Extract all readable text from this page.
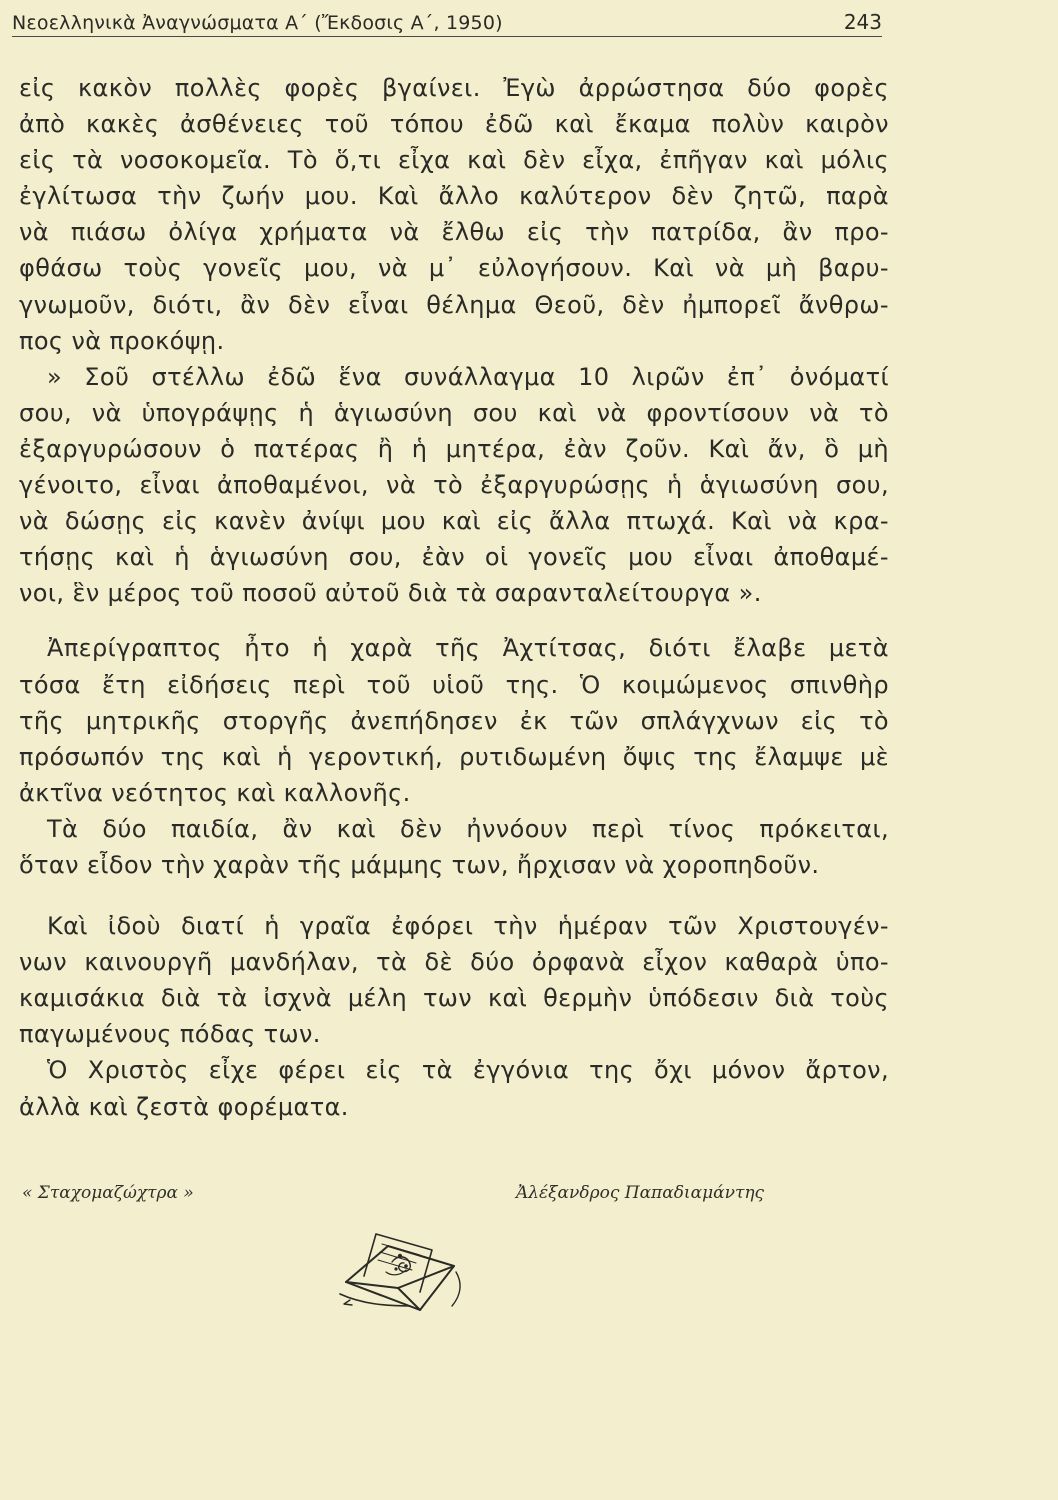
Νεοελληνικὰ Ἀναγνώσματα Α΄ (Ἔκδοσις Α΄, 1950)	243
εἰς κακὸν πολλὲς φορὲς βγαίνει. Ἐγὼ ἀρρώστησα δύο φορὲς
ἀπὸ κακὲς ἀσθένειες τοῦ τόπου ἐδῶ καὶ ἔκαμα πολὺν καιρὸν
εἰς τὰ νοσοκομεῖα. Τὸ ὅ,τι εἶχα καὶ δὲν εἶχα, ἐπῆγαν καὶ μόλις
ἐγλίτωσα τὴν ζωήν μου. Καὶ ἄλλο καλύτερον δὲν ζητῶ, παρὰ
νὰ πιάσω ὀλίγα χρήματα νὰ ἔλθω εἰς τὴν πατρίδα, ἂν προ-
φθάσω τοὺς γονεῖς μου, νὰ μ᾿ εὐλογήσουν. Καὶ νὰ μὴ βαρυ-
γνωμοῦν, διότι, ἂν δὲν εἶναι θέλημα Θεοῦ, δὲν ἠμπορεῖ ἄνθρω-
πος νὰ προκόψῃ.
» Σοῦ στέλλω ἐδῶ ἕνα συνάλλαγμα 10 λιρῶν ἐπ᾿ ὀνόματί
σου, νὰ ὑπογράψῃς ἡ ἁγιωσύνη σου καὶ νὰ φροντίσουν νὰ τὸ
ἐξαργυρώσουν ὁ πατέρας ἢ ἡ μητέρα, ἐὰν ζοῦν. Καὶ ἄν, ὃ μὴ
γένοιτο, εἶναι ἀποθαμένοι, νὰ τὸ ἐξαργυρώσῃς ἡ ἁγιωσύνη σου,
νὰ δώσῃς εἰς κανὲν ἀνίψι μου καὶ εἰς ἄλλα πτωχά. Καὶ νὰ κρα-
τήσῃς καὶ ἡ ἁγιωσύνη σου, ἐὰν οἱ γονεῖς μου εἶναι ἀποθαμέ-
νοι, ἓν μέρος τοῦ ποσοῦ αὐτοῦ διὰ τὰ σαρανταλείτουργα ».
Ἀπερίγραπτος ἦτο ἡ χαρὰ τῆς Ἀχτίτσας, διότι ἔλαβε μετὰ
τόσα ἔτη εἰδήσεις περὶ τοῦ υἱοῦ της. Ὁ κοιμώμενος σπινθὴρ
τῆς μητρικῆς στοργῆς ἀνεπήδησεν ἐκ τῶν σπλάγχνων εἰς τὸ
πρόσωπόν της καὶ ἡ γεροντική, ρυτιδωμένη ὄψις της ἔλαμψε μὲ
ἀκτῖνα νεότητος καὶ καλλονῆς.
Τὰ δύο παιδία, ἂν καὶ δὲν ἠννόουν περὶ τίνος πρόκειται,
ὅταν εἶδον τὴν χαρὰν τῆς μάμμης των, ἤρχισαν νὰ χοροπηδοῦν.
Καὶ ἰδοὺ διατί ἡ γραῖα ἐφόρει τὴν ἡμέραν τῶν Χριστουγέν-
νων καινουργῆ μανδήλαν, τὰ δὲ δύο ὀρφανὰ εἶχον καθαρὰ ὑπο-
καμισάκια διὰ τὰ ἰσχνὰ μέλη των καὶ θερμὴν ὑπόδεσιν διὰ τοὺς
παγωμένους πόδας των.
Ὁ Χριστὸς εἶχε φέρει εἰς τὰ ἐγγόνια της ὄχι μόνον ἄρτον,
ἀλλὰ καὶ ζεστὰ φορέματα.
« Σταχομαζώχτρα »	Ἀλέξανδρος Παπαδιαμάντης
